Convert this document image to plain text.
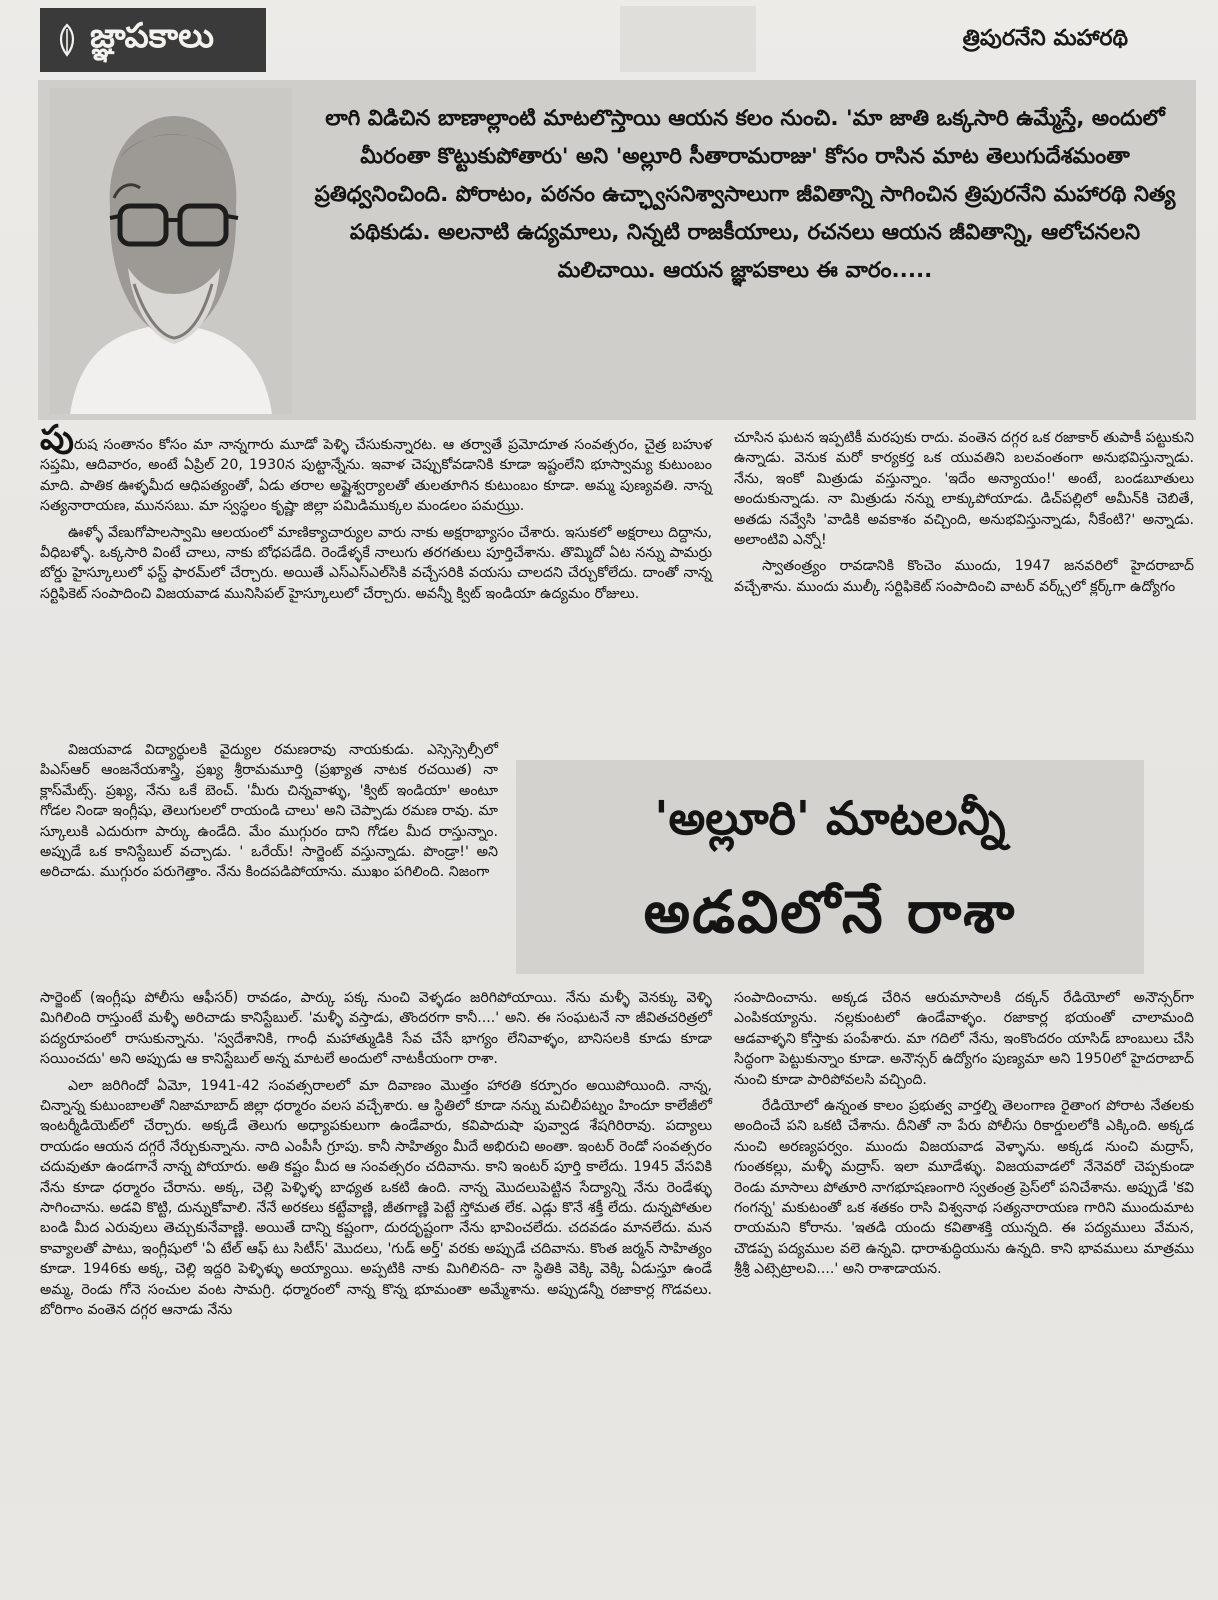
జ్ఞాపకాలు	త్రిపురనేని మహారథి

లాగి విడిచిన బాణాల్లాంటి మాటలొస్తాయి ఆయన కలం నుంచి. 'మా జాతి ఒక్కసారి ఉమ్మేస్తే, అందులో మీరంతా కొట్టుకుపోతారు' అని 'అల్లూరి సీతారామరాజు' కోసం రాసిన మాట తెలుగుదేశమంతా ప్రతిధ్వనించింది. పోరాటం, పఠనం ఉచ్ఛ్వాసనిశ్వాసాలుగా జీవితాన్ని సాగించిన త్రిపురనేని మహారథి నిత్య పథికుడు. అలనాటి ఉద్యమాలు, నిన్నటి రాజకీయాలు, రచనలు ఆయన జీవితాన్ని, ఆలోచనలని మలిచాయి. ఆయన జ్ఞాపకాలు ఈ వారం.....

పురుష సంతానం కోసం మా నాన్నగారు మూడో పెళ్ళి చేసుకున్నారట. ఆ తర్వాతే ప్రమోదూత సంవత్సరం, చైత్ర బహుళ సప్తమి, ఆదివారం, అంటే ఏప్రిల్ 20, 1930న పుట్టాన్నేను. ఇవాళ చెప్పుకోవడానికి కూడా ఇష్టంలేని భూస్వామ్య కుటుంబం మాది. పాతిక ఊళ్ళమీద ఆధిపత్యంతో, ఏడు తరాల అష్టైశ్వర్యాలతో తులతూగిన కుటుంబం కూడా. అమ్మ పుణ్యవతి. నాన్న సత్యనారాయణ, మునసబు. మా స్వస్థలం కృష్ణా జిల్లా పమిడిముక్కల మండలం పమఝ్రు.

ఊళ్ళో వేణుగోపాలస్వామి ఆలయంలో మాణిక్యాచార్యుల వారు నాకు అక్షరాభ్యాసం చేశారు. ఇసుకలో అక్షరాలు దిద్దాను, వీధిబళ్ళో. ఒక్కసారి వింటే చాలు, నాకు బోధపడేది. రెండేళ్ళకే నాలుగు తరగతులు పూర్తిచేశాను. తొమ్మిదో ఏట నన్ను పామర్రు బోర్డు హైస్కూలులో ఫస్ట్ ఫారమ్‌లో చేర్చారు. అయితే ఎస్ఎస్ఎల్‌సికి వచ్చేసరికి వయసు చాలదని చేర్చుకోలేదు. దాంతో నాన్న సర్టిఫికెట్ సంపాదించి విజయవాడ మునిసిపల్ హైస్కూలులో చేర్చారు. అవన్నీ క్విట్ ఇండియా ఉద్యమం రోజులు.

చూసిన ఘటన ఇప్పటికీ మరపుకు రాదు. వంతెన దగ్గర ఒక రజాకార్ తుపాకీ పట్టుకుని ఉన్నాడు. వెనుక మరో కార్యకర్త ఒక యువతిని బలవంతంగా అనుభవిస్తున్నాడు. నేను, ఇంకో మిత్రుడు వస్తున్నాం. 'ఇదేం అన్యాయం!' అంటే, బండబూతులు అందుకున్నాడు. నా మిత్రుడు నన్ను లాక్కుపోయాడు. డిచ్‌పల్లిలో అమీన్‌కి చెబితే, అతడు నవ్వేసి 'వాడికి అవకాశం వచ్చింది, అనుభవిస్తున్నాడు, నీకేంటి?' అన్నాడు. అలాంటివి ఎన్నో!

స్వాతంత్ర్యం రావడానికి కొంచెం ముందు, 1947 జనవరిలో హైదరాబాద్ వచ్చేశాను. ముందు ముల్కీ సర్టిఫికెట్ సంపాదించి వాటర్ వర్క్స్‌లో క్లర్క్‌గా ఉద్యోగం

విజయవాడ విద్యార్థులకి వైద్యుల రమణరావు నాయకుడు. ఎస్సెస్సెల్సీలో పిఎస్ఆర్ ఆంజనేయశాస్త్రి, ప్రఖ్య శ్రీరామమూర్తి (ప్రఖ్యాత నాటక రచయిత) నా క్లాస్‌మేట్స్. ప్రఖ్య, నేను ఒకే బెంచ్. 'మీరు చిన్నవాళ్ళు, 'క్విట్ ఇండియా' అంటూ గోడల నిండా ఇంగ్లీషు, తెలుగులలో రాయండి చాలు' అని చెప్పాడు రమణ రావు. మా స్కూలుకి ఎదురుగా పార్కు ఉండేది. మేం ముగ్గురం దాని గోడల మీద రాస్తున్నాం. అప్పుడే ఒక కానిస్టేబుల్ వచ్చాడు. ' ఒరేయ్! సార్జెంట్ వస్తున్నాడు. పొండ్రా!' అని అరిచాడు. ముగ్గురం పరుగెత్తాం. నేను కిందపడిపోయాను. ముఖం పగిలింది. నిజంగా

'అల్లూరి' మాటలన్నీ
అడవిలోనే రాశా

సార్జెంట్ (ఇంగ్లీషు పోలీసు ఆఫీసర్) రావడం, పార్కు పక్క నుంచి వెళ్ళడం జరిగిపోయాయి. నేను మళ్ళీ వెనక్కు వెళ్ళి మిగిలింది రాస్తుంటే మళ్ళీ అరిచాడు కానిస్టేబుల్. 'మళ్ళీ వస్తాడు, తొందరగా కానీ....' అని. ఈ సంఘటనే నా జీవితచరిత్రలో పద్యరూపంలో రాసుకున్నాను. 'స్వదేశానికి, గాంధీ మహాత్ముడికి సేవ చేసే భాగ్యం లేనివాళ్ళం, బానిసలకి కూడు కూడా సయించదు' అని అప్పుడు ఆ కానిస్టేబుల్ అన్న మాటలే అందులో నాటకీయంగా రాశా.

ఎలా జరిగిందో ఏమో, 1941-42 సంవత్సరాలలో మా దివాణం మొత్తం హారతి కర్పూరం అయిపోయింది. నాన్న, చిన్నాన్న కుటుంబాలతో నిజామాబాద్ జిల్లా ధర్మారం వలస వచ్చేశారు. ఆ స్థితిలో కూడా నన్ను మచిలీపట్నం హిందూ కాలేజీలో ఇంటర్మీడియెట్‌లో చేర్చారు. అక్కడే తెలుగు అధ్యాపకులుగా ఉండేవారు, కవిపాదుషా పువ్వాడ శేషగిరిరావు. పద్యాలు రాయడం ఆయన దగ్గరే నేర్చుకున్నాను. నాది ఎంపీసీ గ్రూపు. కానీ సాహిత్యం మీదే అభిరుచి అంతా. ఇంటర్ రెండో సంవత్సరం చదువుతూ ఉండగానే నాన్న పోయారు. అతి కష్టం మీద ఆ సంవత్సరం చదివాను. కాని ఇంటర్ పూర్తి కాలేదు. 1945 వేసవికి నేను కూడా ధర్మారం చేరాను. అక్క, చెల్లి పెళ్ళిళ్ళ బాధ్యత ఒకటి ఉంది. నాన్న మొదలుపెట్టిన సేద్యాన్ని నేను రెండేళ్ళు సాగించాను. అడవి కొట్టి, దున్నుకోవాలి. నేనే అరకలు కట్టేవాణ్ణి, జీతగాణ్ణి పెట్టే స్తోమత లేక. ఎడ్లు కొనే శక్తీ లేదు. దున్నపోతుల బండి మీద ఎరువులు తెచ్చుకునేవాణ్ణి. అయితే దాన్ని కష్టంగా, దురదృష్టంగా నేను భావించలేదు. చదవడం మానలేదు. మన కావ్యాలతో పాటు, ఇంగ్లీషులో 'ఏ టేల్ ఆఫ్ టు సిటీస్' మొదలు, 'గుడ్ అర్త్' వరకు అప్పుడే చదివాను. కొంత జర్మన్ సాహిత్యం కూడా. 1946కు అక్క, చెల్లి ఇద్దరి పెళ్ళిళ్ళు అయ్యాయి. అప్పటికి నాకు మిగిలినది- నా స్థితికి వెక్కి వెక్కి ఏడుస్తూ ఉండే అమ్మ, రెండు గోనె సంచుల వంట సామగ్రి. ధర్మారంలో నాన్న కొన్న భూమంతా అమ్మేశాను. అప్పుడన్నీ రజాకార్ల గొడవలు. బోరిగాం వంతెన దగ్గర ఆనాడు నేను

సంపాదించాను. అక్కడ చేరిన ఆరుమాసాలకి దక్కన్ రేడియోలో అనౌన్సర్‌గా ఎంపికయ్యాను. నల్లకుంటలో ఉండేవాళ్ళం. రజాకార్ల భయంతో చాలామంది ఆడవాళ్ళని కోస్తాకు పంపేశారు. మా గదిలో నేను, ఇంకొందరం యాసిడ్ బాంబులు చేసి సిద్ధంగా పెట్టుకున్నాం కూడా. అనౌన్సర్ ఉద్యోగం పుణ్యమా అని 1950లో హైదరాబాద్ నుంచి కూడా పారిపోవలసి వచ్చింది.

రేడియోలో ఉన్నంత కాలం ప్రభుత్వ వార్తల్ని తెలంగాణ రైతాంగ పోరాట నేతలకు అందించే పని ఒకటి చేశాను. దీనితో నా పేరు పోలీసు రికార్డులలోకి ఎక్కింది. అక్కడ నుంచి అరణ్యపర్వం. ముందు విజయవాడ వెళ్ళాను. అక్కడ నుంచి మద్రాస్, గుంతకల్లు, మళ్ళీ మద్రాస్. ఇలా మూడేళ్ళు. విజయవాడలో నేనెవరో చెప్పకుండా రెండు మాసాలు పోతూరి నాగభూషణంగారి స్వతంత్ర ప్రెస్‌లో పనిచేశాను. అప్పుడే 'కవి గంగన్న' మకుటంతో ఒక శతకం రాసి విశ్వనాథ సత్యనారాయణ గారిని ముందుమాట రాయమని కోరాను. 'ఇతడి యందు కవితాశక్తి యున్నది. ఈ పద్యములు వేమన, చౌడప్ప పద్యముల వలె ఉన్నవి. ధారాశుద్ధియును ఉన్నది. కాని భావములు మాత్రము శ్రీశ్రీ ఎట్సెట్రాలవి....' అని రాశాడాయన.
